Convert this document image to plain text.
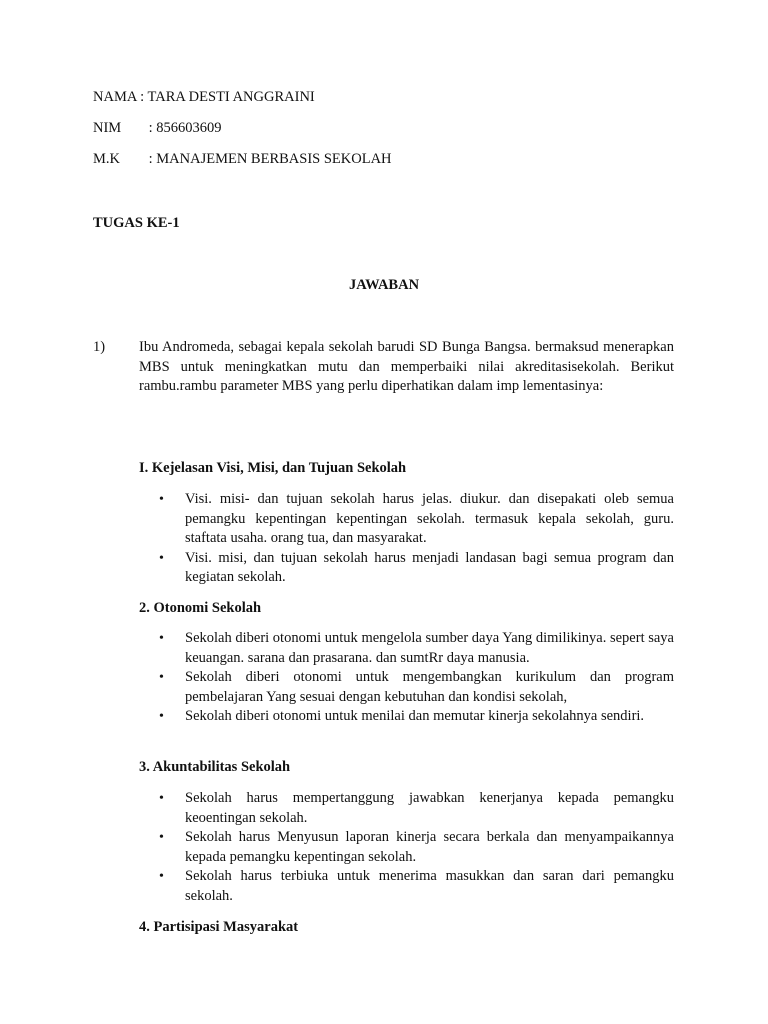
NAMA : TARA DESTI ANGGRAINI
NIM : 856603609
M.K : MANAJEMEN BERBASIS SEKOLAH
TUGAS KE-1
JAWABAN
1) Ibu Andromeda, sebagai kepala sekolah barudi SD Bunga Bangsa. bermaksud menerapkan MBS untuk meningkatkan mutu dan memperbaiki nilai akreditasisekolah. Berikut rambu.rambu parameter MBS yang perlu diperhatikan dalam imp lementasinya:
I. Kejelasan Visi, Misi, dan Tujuan Sekolah
• Visi. misi- dan tujuan sekolah harus jelas. diukur. dan disepakati oleb semua pemangku kepentingan kepentingan sekolah. termasuk kepala sekolah, guru. staftata usaha. orang tua, dan masyarakat.
• Visi. misi, dan tujuan sekolah harus menjadi landasan bagi semua program dan kegiatan sekolah.
2. Otonomi Sekolah
• Sekolah diberi otonomi untuk mengelola sumber daya Yang dimilikinya. sepert saya keuangan. sarana dan prasarana. dan sumtRr daya manusia.
• Sekolah diberi otonomi untuk mengembangkan kurikulum dan program pembelajaran Yang sesuai dengan kebutuhan dan kondisi sekolah,
• Sekolah diberi otonomi untuk menilai dan memutar kinerja sekolahnya sendiri.
3. Akuntabilitas Sekolah
• Sekolah harus mempertanggung jawabkan kenerjanya kepada pemangku keoentingan sekolah.
• Sekolah harus Menyusun laporan kinerja secara berkala dan menyampaikannya kepada pemangku kepentingan sekolah.
• Sekolah harus terbiuka untuk menerima masukkan dan saran dari pemangku sekolah.
4. Partisipasi Masyarakat
